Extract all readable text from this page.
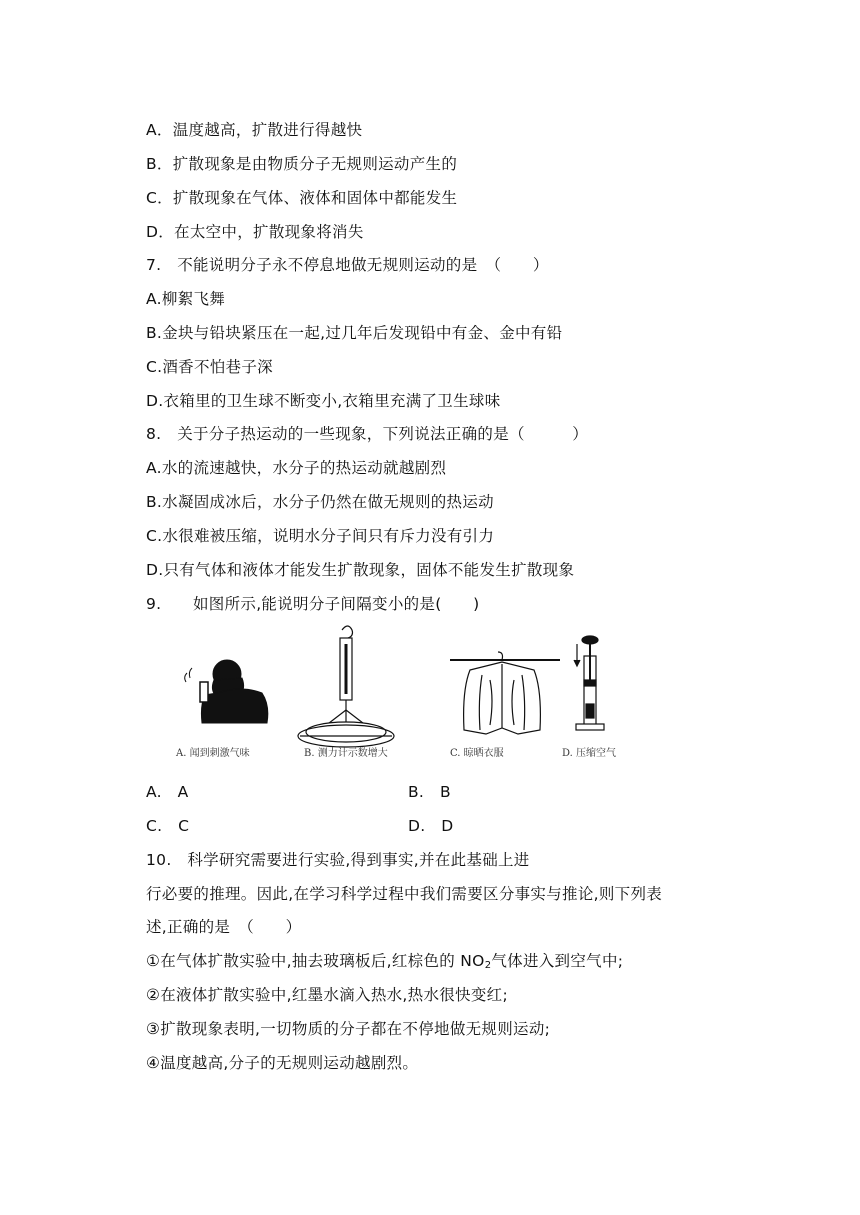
A．温度越高，扩散进行得越快
B．扩散现象是由物质分子无规则运动产生的
C．扩散现象在气体、液体和固体中都能发生
D．在太空中，扩散现象将消失
7.　不能说明分子永不停息地做无规则运动的是　（　　）
A.柳絮飞舞
B.金块与铅块紧压在一起,过几年后发现铅中有金、金中有铅
C.酒香不怕巷子深
D.衣箱里的卫生球不断变小,衣箱里充满了卫生球味
8.　关于分子热运动的一些现象，下列说法正确的是（　　　）
A.水的流速越快，水分子的热运动就越剧烈
B.水凝固成冰后，水分子仍然在做无规则的热运动
C.水很难被压缩，说明水分子间只有斥力没有引力
D.只有气体和液体才能发生扩散现象，固体不能发生扩散现象
9.　　如图所示,能说明分子间隔变小的是(　　)
A. 闻到刺激气味	B. 测力计示数增大	C. 晾晒衣服	D. 压缩空气
A.　A	B.　B
C.　C	D.　D
10.　科学研究需要进行实验,得到事实,并在此基础上进
行必要的推理。因此,在学习科学过程中我们需要区分事实与推论,则下列表
述,正确的是　（　　）
①在气体扩散实验中,抽去玻璃板后,红棕色的 $NO_2$气体进入到空气中;
②在液体扩散实验中,红墨水滴入热水,热水很快变红;
③扩散现象表明,一切物质的分子都在不停地做无规则运动;
④温度越高,分子的无规则运动越剧烈。
